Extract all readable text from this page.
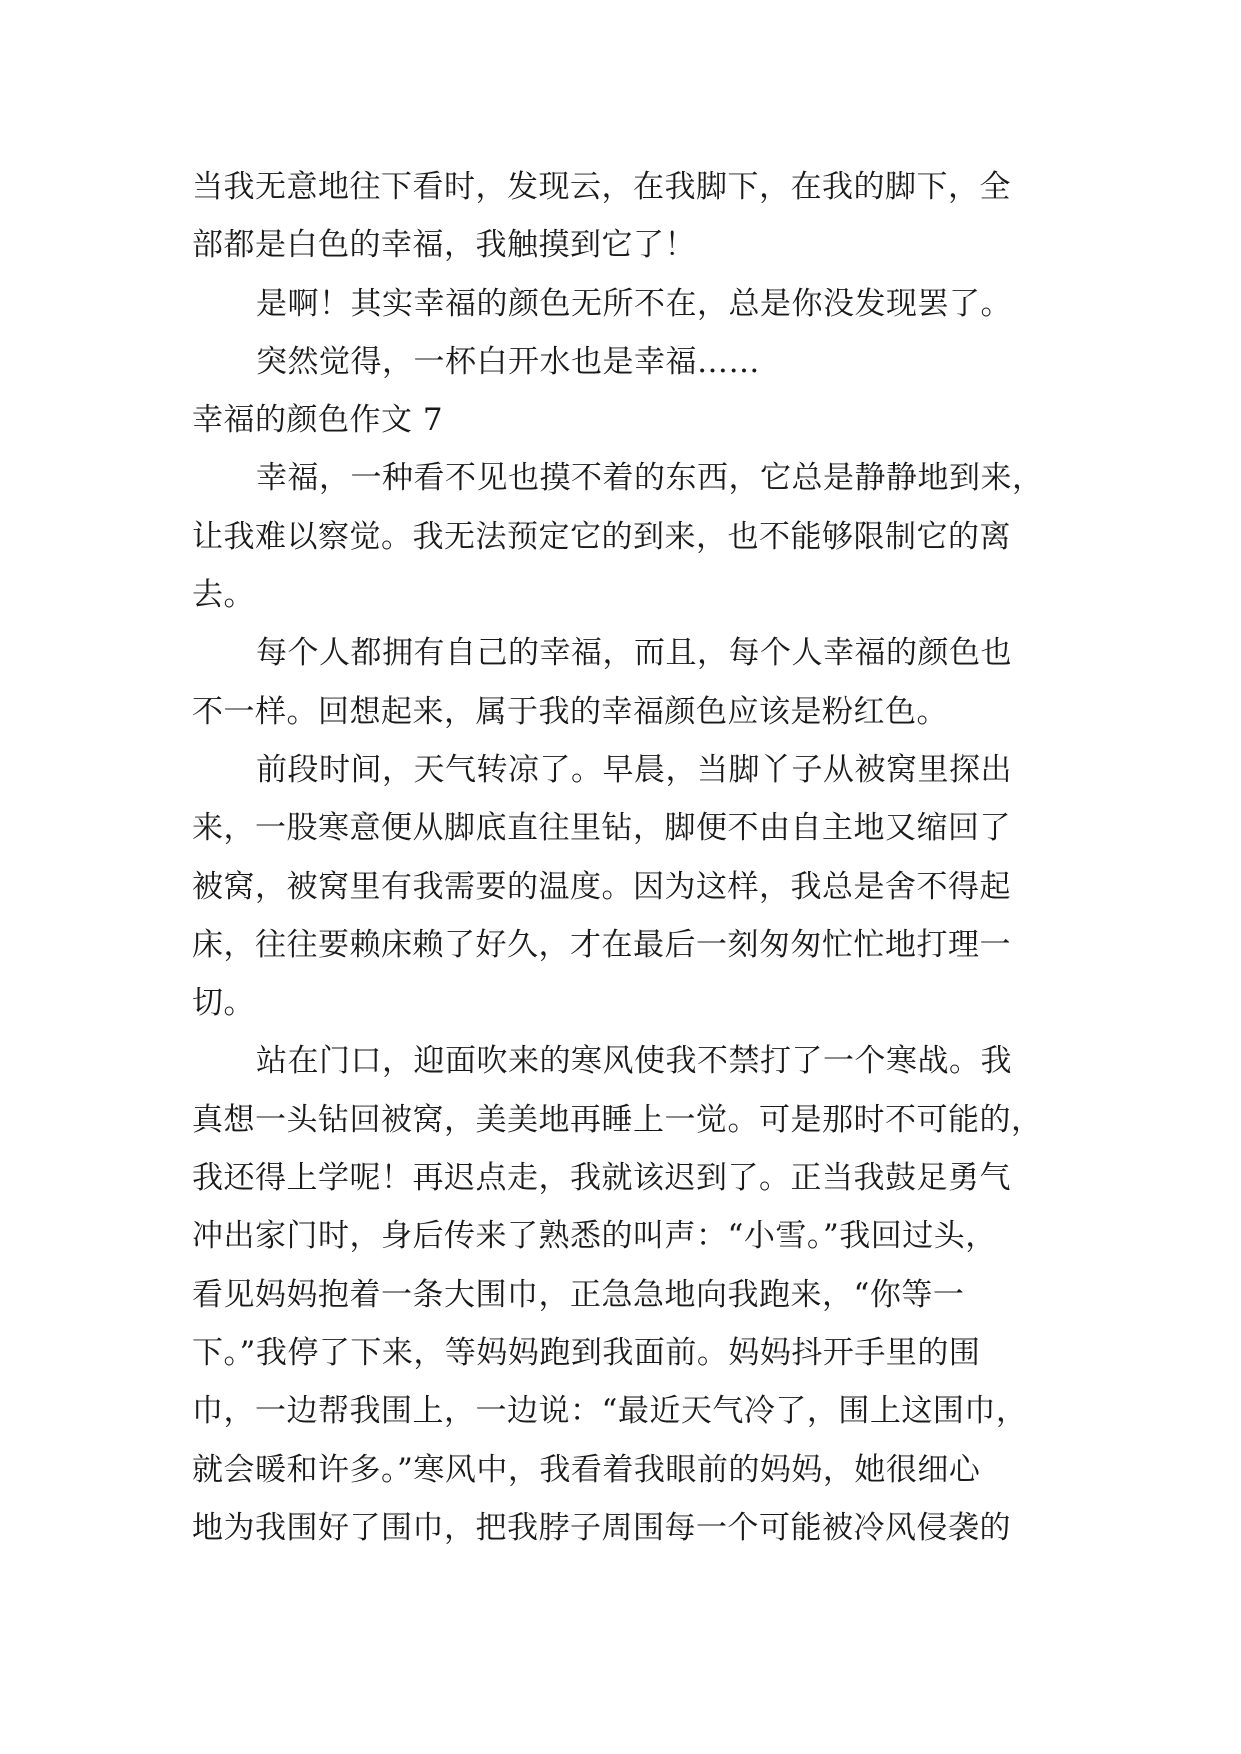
当我无意地往下看时，发现云，在我脚下，在我的脚下，全
部都是白色的幸福，我触摸到它了！
是啊！其实幸福的颜色无所不在，总是你没发现罢了。
突然觉得，一杯白开水也是幸福……
幸福的颜色作文 7
幸福，一种看不见也摸不着的东西，它总是静静地到来，
让我难以察觉。我无法预定它的到来，也不能够限制它的离
去。
每个人都拥有自己的幸福，而且，每个人幸福的颜色也
不一样。回想起来，属于我的幸福颜色应该是粉红色。
前段时间，天气转凉了。早晨，当脚丫子从被窝里探出
来，一股寒意便从脚底直往里钻，脚便不由自主地又缩回了
被窝，被窝里有我需要的温度。因为这样，我总是舍不得起
床，往往要赖床赖了好久，才在最后一刻匆匆忙忙地打理一
切。
站在门口，迎面吹来的寒风使我不禁打了一个寒战。我
真想一头钻回被窝，美美地再睡上一觉。可是那时不可能的，
我还得上学呢！再迟点走，我就该迟到了。正当我鼓足勇气
冲出家门时，身后传来了熟悉的叫声：“小雪。”我回过头，
看见妈妈抱着一条大围巾，正急急地向我跑来，“你等一
下。”我停了下来，等妈妈跑到我面前。妈妈抖开手里的围
巾，一边帮我围上，一边说：“最近天气冷了，围上这围巾，
就会暖和许多。”寒风中，我看着我眼前的妈妈，她很细心
地为我围好了围巾，把我脖子周围每一个可能被冷风侵袭的
